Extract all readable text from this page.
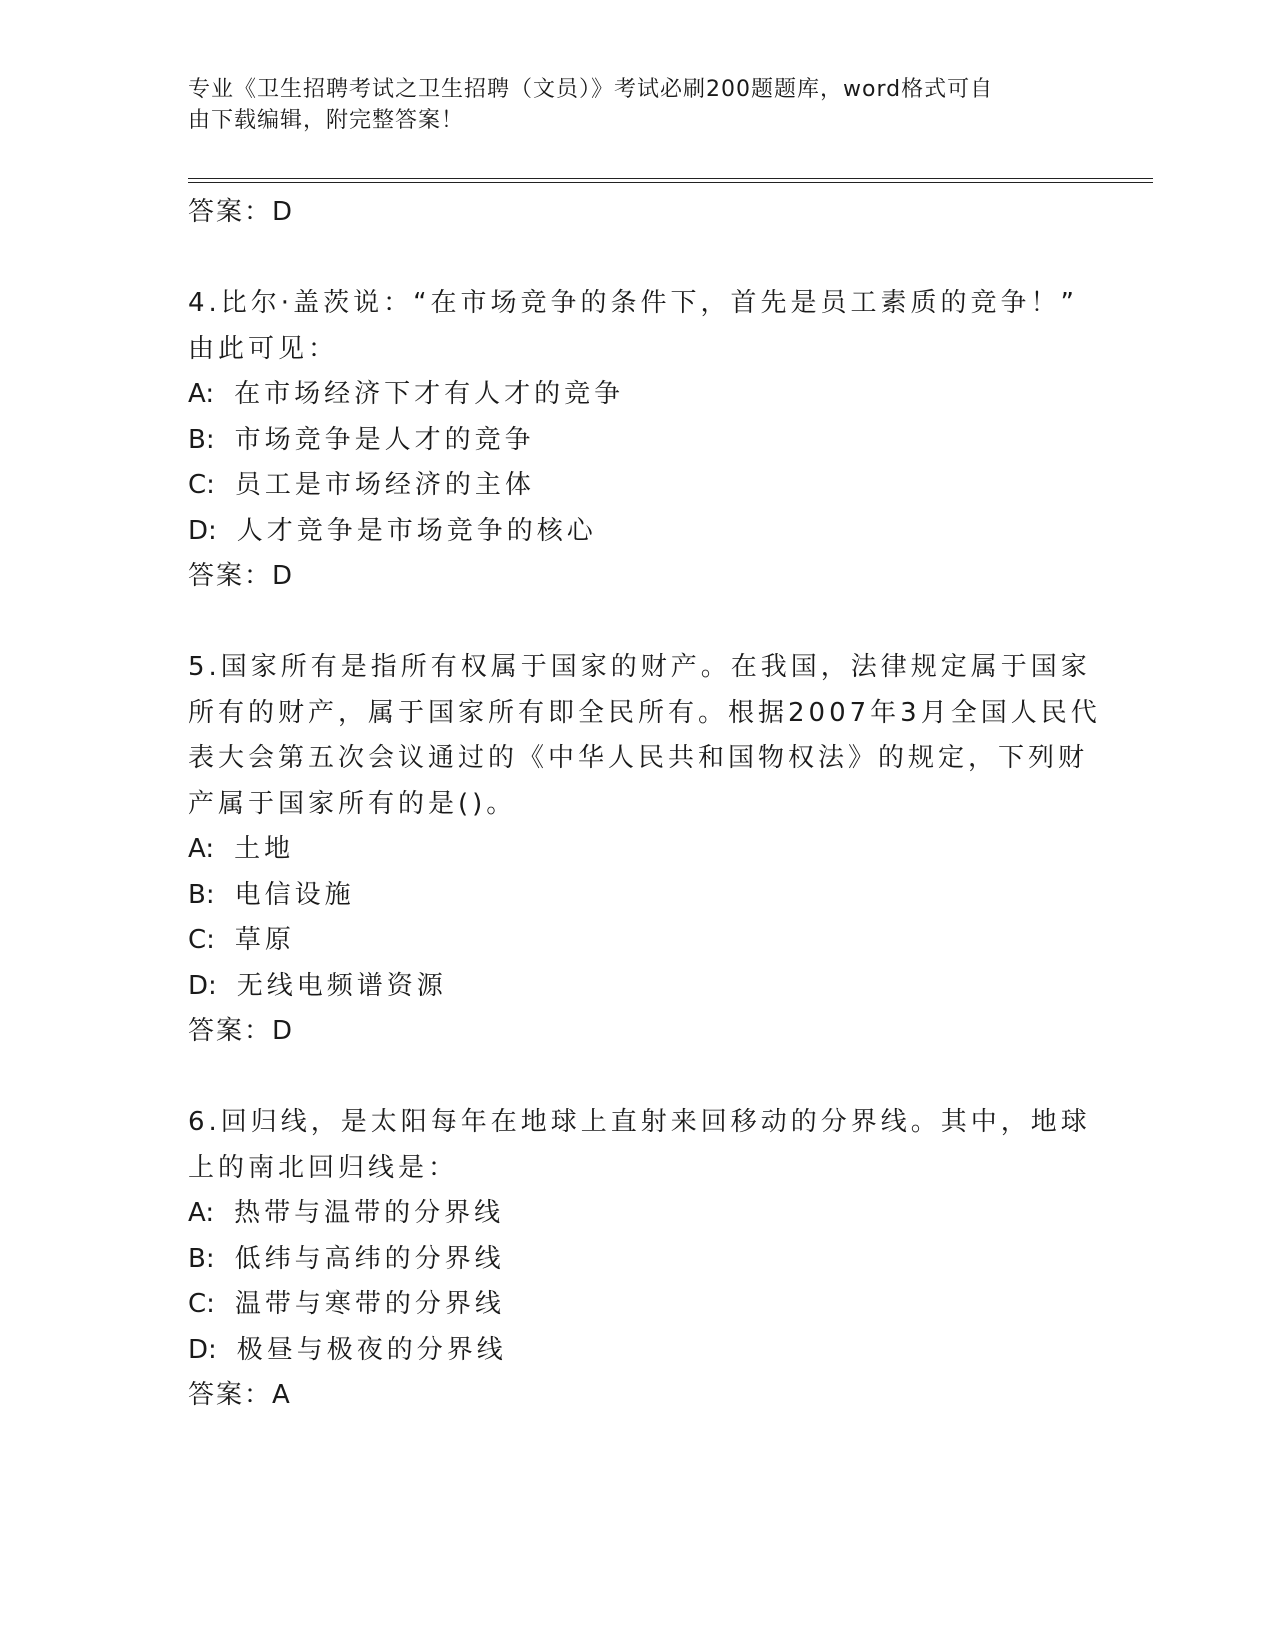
专业《卫生招聘考试之卫生招聘（文员）》考试必刷200题题库，word格式可自
由下载编辑，附完整答案！
答案：D
4.比尔·盖茨说：“在市场竞争的条件下，首先是员工素质的竞争！”
由此可见：
A: 在市场经济下才有人才的竞争
B: 市场竞争是人才的竞争
C: 员工是市场经济的主体
D: 人才竞争是市场竞争的核心
答案：D
5.国家所有是指所有权属于国家的财产。在我国，法律规定属于国家
所有的财产，属于国家所有即全民所有。根据2007年3月全国人民代
表大会第五次会议通过的《中华人民共和国物权法》的规定，下列财
产属于国家所有的是()。
A: 土地
B: 电信设施
C: 草原
D: 无线电频谱资源
答案：D
6.回归线，是太阳每年在地球上直射来回移动的分界线。其中，地球
上的南北回归线是：
A: 热带与温带的分界线
B: 低纬与高纬的分界线
C: 温带与寒带的分界线
D: 极昼与极夜的分界线
答案：A
